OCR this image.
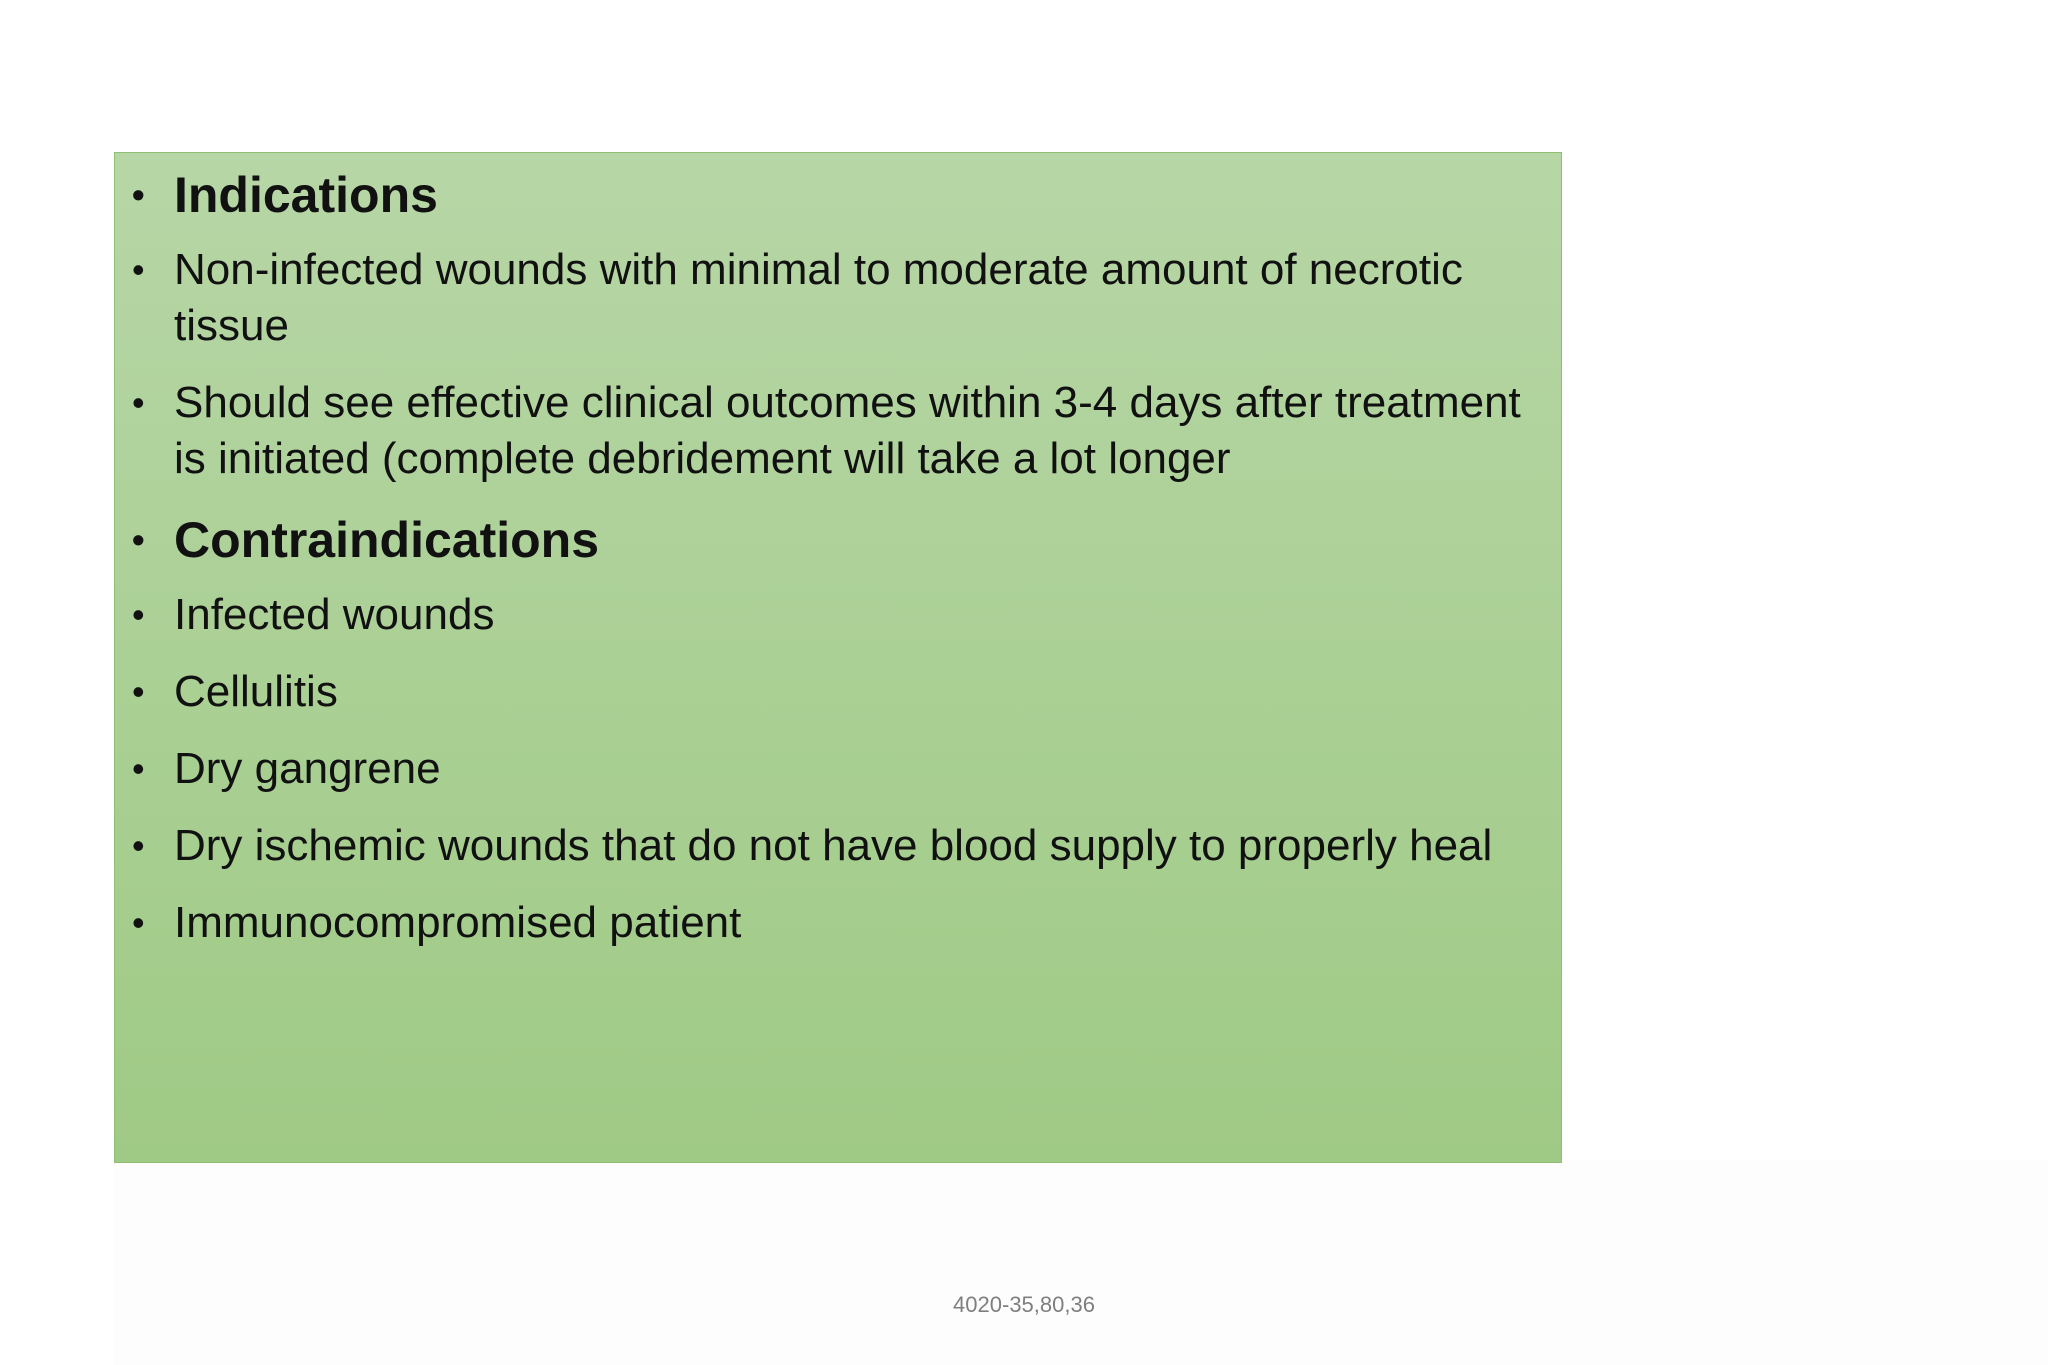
• Indications
• Non-infected wounds with minimal to moderate amount of necrotic tissue
• Should see effective clinical outcomes within 3-4 days after treatment is initiated (complete debridement will take a lot longer
• Contraindications
• Infected wounds
• Cellulitis
• Dry gangrene
• Dry ischemic wounds that do not have blood supply to properly heal
• Immunocompromised patient
4020-35,80,36
